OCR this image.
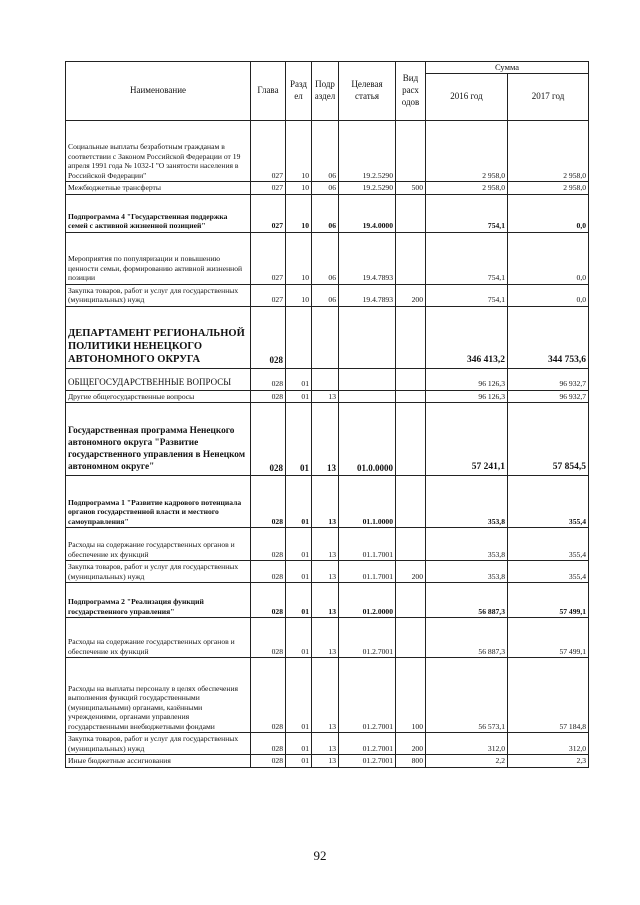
Наименование	Глава	Разд ел	Подр аздел	Целевая статья	Вид расх одов	Сумма	
						2016 год	2017 год
Социальные выплаты безработным гражданам в соответствии с Законом Российской Федерации от 19 апреля 1991 года № 1032-I "О занятости населения в Российской Федерации"	027	10	06	19.2.5290		2 958,0	2 958,0
Межбюджетные трансферты	027	10	06	19.2.5290	500	2 958,0	2 958,0
Подпрограмма 4 "Государственная поддержка семей с активной жизненной позицией"	027	10	06	19.4.0000		754,1	0,0
Мероприятия по популяризации и повышению ценности семьи, формированию активной жизненной позиции	027	10	06	19.4.7893		754,1	0,0
Закупка товаров, работ и услуг для государственных (муниципальных) нужд	027	10	06	19.4.7893	200	754,1	0,0
ДЕПАРТАМЕНТ РЕГИОНАЛЬНОЙ ПОЛИТИКИ НЕНЕЦКОГО АВТОНОМНОГО ОКРУГА	028					346 413,2	344 753,6
ОБЩЕГОСУДАРСТВЕННЫЕ ВОПРОСЫ	028	01				96 126,3	96 932,7
Другие общегосударственные вопросы	028	01	13			96 126,3	96 932,7
Государственная программа Ненецкого автономного округа "Развитие государственного управления в Ненецком автономном округе"	028	01	13	01.0.0000		57 241,1	57 854,5
Подпрограмма 1 "Развитие кадрового потенциала органов государственной власти и местного самоуправления"	028	01	13	01.1.0000		353,8	355,4
Расходы на содержание государственных органов и обеспечение их функций	028	01	13	01.1.7001		353,8	355,4
Закупка товаров, работ и услуг для государственных (муниципальных) нужд	028	01	13	01.1.7001	200	353,8	355,4
Подпрограмма 2 "Реализация функций государственного управления"	028	01	13	01.2.0000		56 887,3	57 499,1
Расходы на содержание государственных органов и обеспечение их функций	028	01	13	01.2.7001		56 887,3	57 499,1
Расходы на выплаты персоналу в целях обеспечения выполнения функций государственными (муниципальными) органами, казёнными учреждениями, органами управления государственными внебюджетными фондами	028	01	13	01.2.7001	100	56 573,1	57 184,8
Закупка товаров, работ и услуг для государственных (муниципальных) нужд	028	01	13	01.2.7001	200	312,0	312,0
Иные бюджетные ассигнования	028	01	13	01.2.7001	800	2,2	2,3
92
